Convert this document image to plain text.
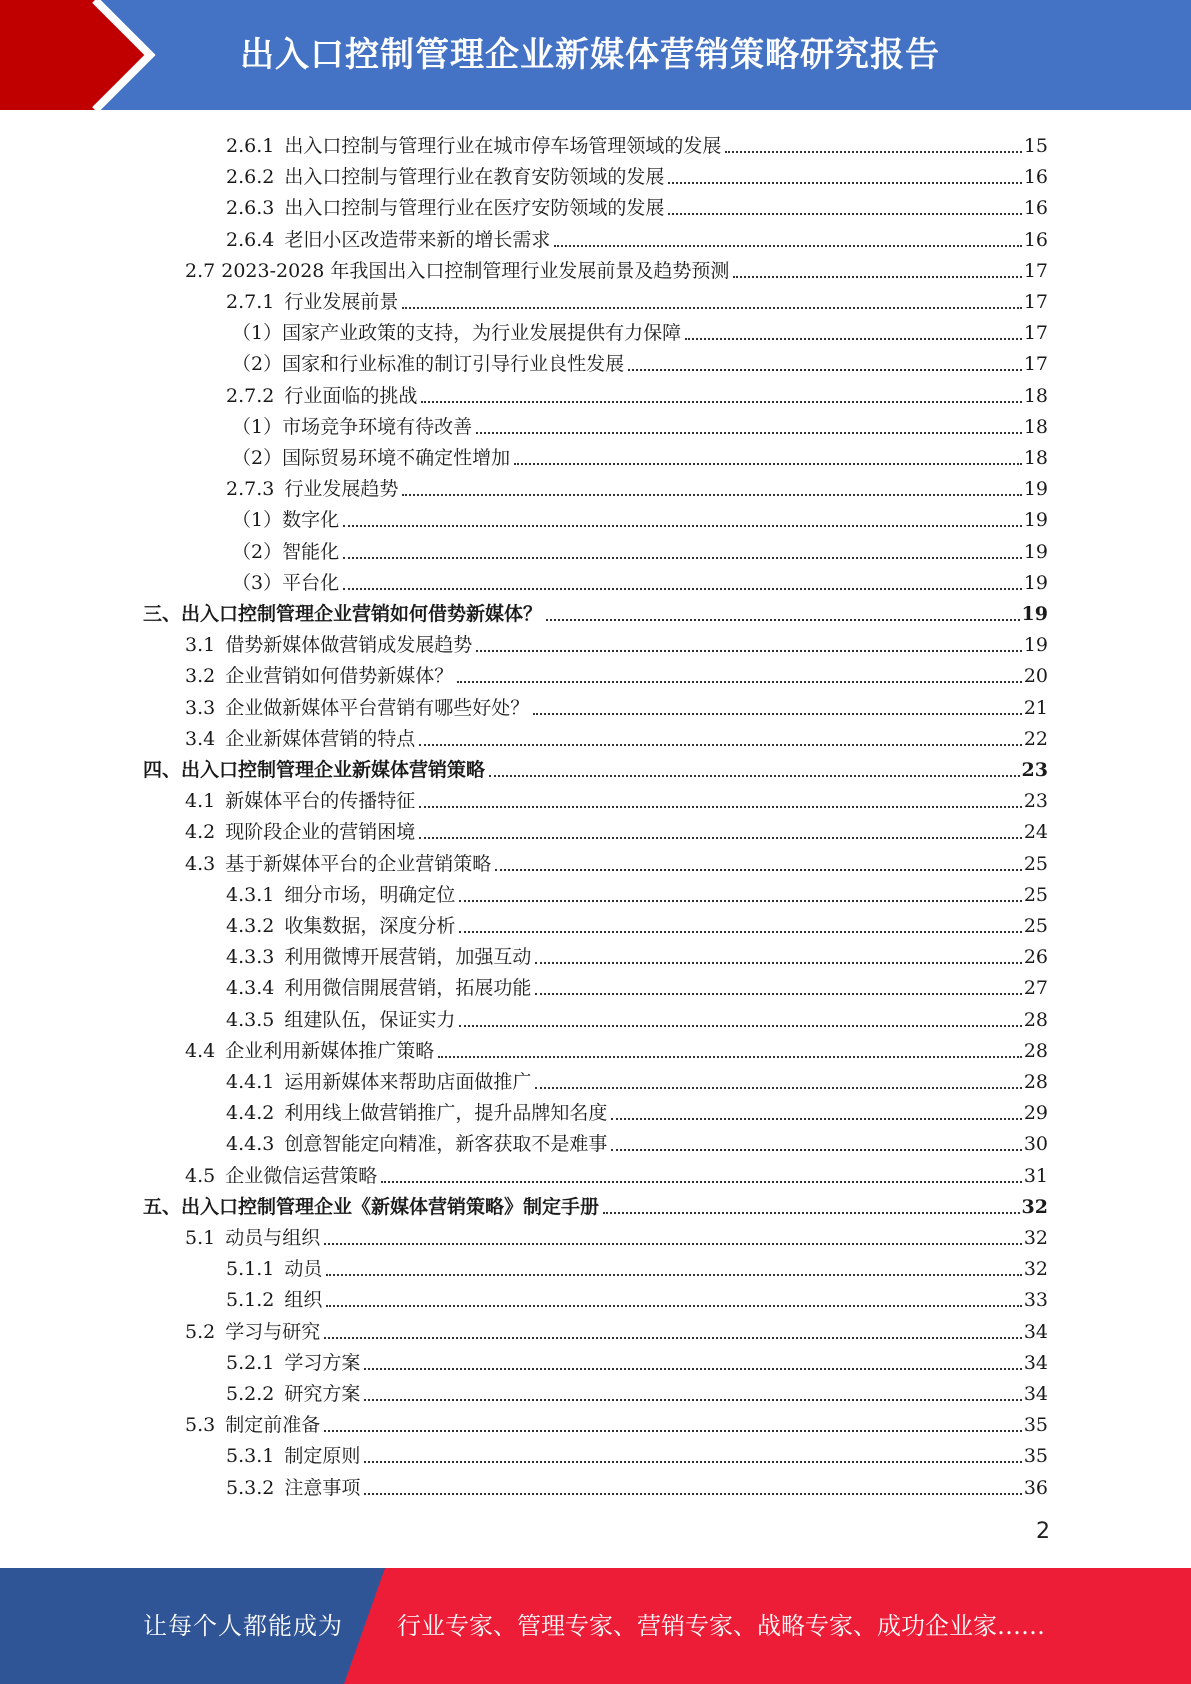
出入口控制管理企业新媒体营销策略研究报告
2.6.1 出入口控制与管理行业在城市停车场管理领域的发展	15
2.6.2 出入口控制与管理行业在教育安防领域的发展	16
2.6.3 出入口控制与管理行业在医疗安防领域的发展	16
2.6.4 老旧小区改造带来新的增长需求	16
2.7 2023-2028 年我国出入口控制管理行业发展前景及趋势预测	17
2.7.1 行业发展前景	17
（1）国家产业政策的支持，为行业发展提供有力保障	17
（2）国家和行业标准的制订引导行业良性发展	17
2.7.2 行业面临的挑战	18
（1）市场竞争环境有待改善	18
（2）国际贸易环境不确定性增加	18
2.7.3 行业发展趋势	19
（1）数字化	19
（2）智能化	19
（3）平台化	19
三、出入口控制管理企业营销如何借势新媒体？	19
3.1 借势新媒体做营销成发展趋势	19
3.2 企业营销如何借势新媒体？	20
3.3 企业做新媒体平台营销有哪些好处？	21
3.4 企业新媒体营销的特点	22
四、出入口控制管理企业新媒体营销策略	23
4.1 新媒体平台的传播特征	23
4.2 现阶段企业的营销困境	24
4.3 基于新媒体平台的企业营销策略	25
4.3.1 细分市场，明确定位	25
4.3.2 收集数据，深度分析	25
4.3.3 利用微博开展营销，加强互动	26
4.3.4 利用微信開展营销，拓展功能	27
4.3.5 组建队伍，保证实力	28
4.4 企业利用新媒体推广策略	28
4.4.1 运用新媒体来帮助店面做推广	28
4.4.2 利用线上做营销推广，提升品牌知名度	29
4.4.3 创意智能定向精准，新客获取不是难事	30
4.5 企业微信运营策略	31
五、出入口控制管理企业《新媒体营销策略》制定手册	32
5.1 动员与组织	32
5.1.1 动员	32
5.1.2 组织	33
5.2 学习与研究	34
5.2.1 学习方案	34
5.2.2 研究方案	34
5.3 制定前准备	35
5.3.1 制定原则	35
5.3.2 注意事项	36
2
让每个人都能成为 行业专家、管理专家、营销专家、战略专家、成功企业家……
